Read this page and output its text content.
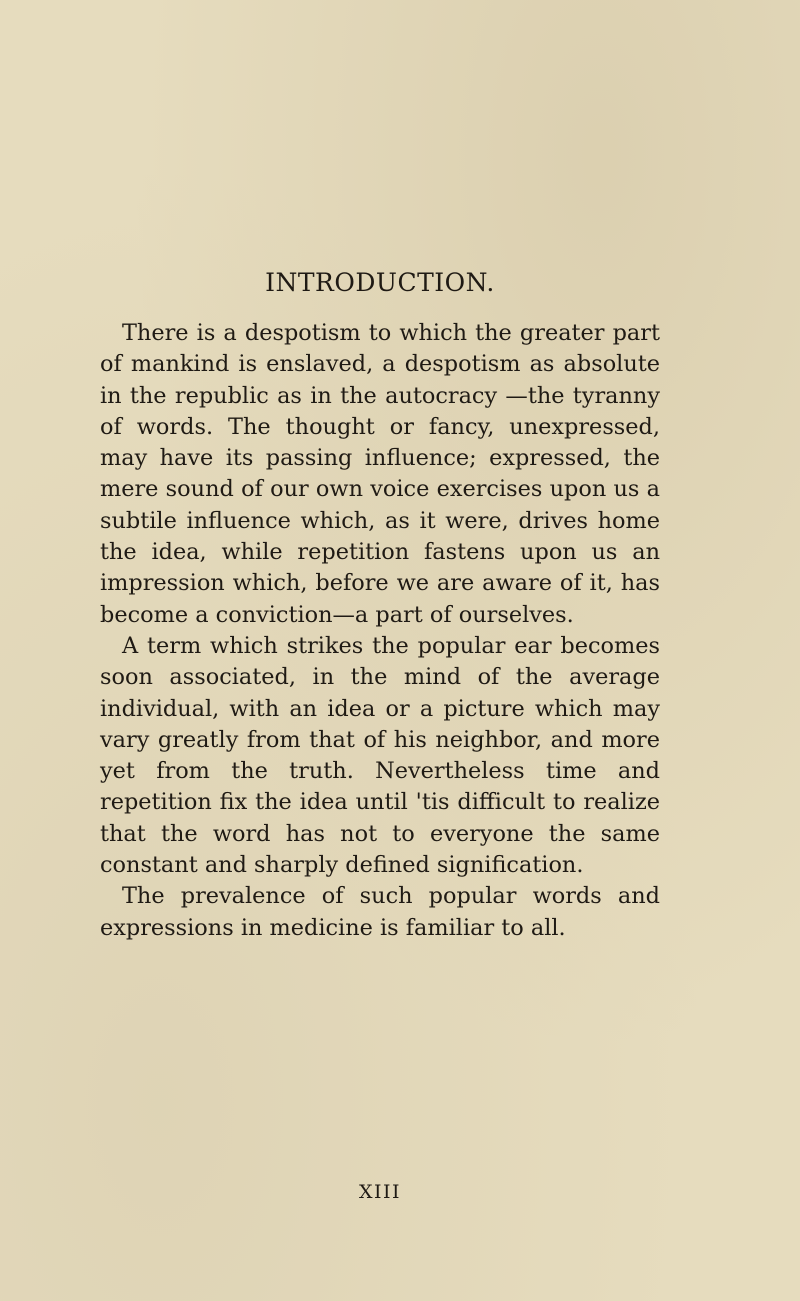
INTRODUCTION.

There is a despotism to which the greater part of mankind is enslaved, a despotism as absolute in the republic as in the autocracy —the tyranny of words. The thought or fancy, unexpressed, may have its passing influence; expressed, the mere sound of our own voice exercises upon us a subtile influence which, as it were, drives home the idea, while repetition fastens upon us an impression which, before we are aware of it, has become a conviction—a part of ourselves.

A term which strikes the popular ear becomes soon associated, in the mind of the average individual, with an idea or a picture which may vary greatly from that of his neighbor, and more yet from the truth. Nevertheless time and repetition fix the idea until 'tis difficult to realize that the word has not to everyone the same constant and sharply defined signification.

The prevalence of such popular words and expressions in medicine is familiar to all.

XIII
